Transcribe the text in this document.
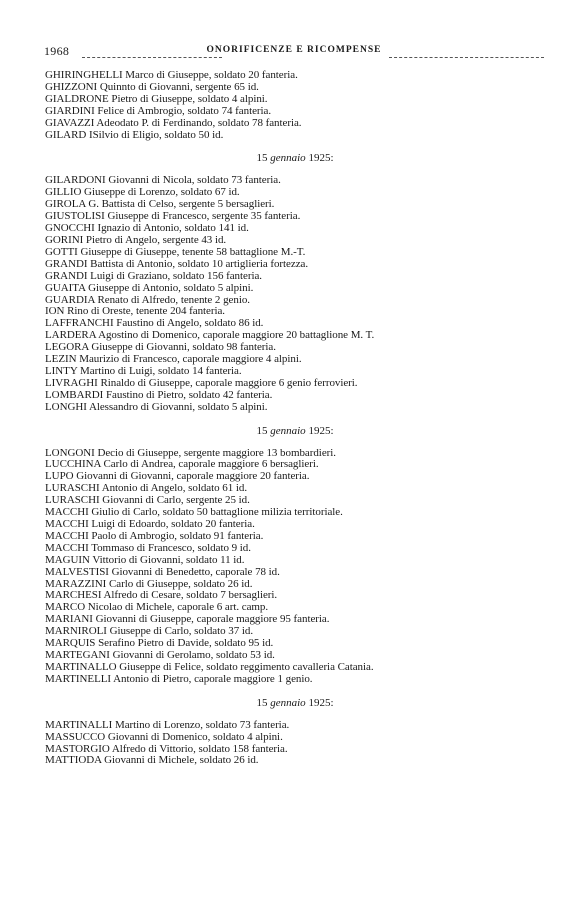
1968	ONORIFICENZE E RICOMPENSE
GHIRINGHELLI Marco di Giuseppe, soldato 20 fanteria.
GHIZZONI Quinnto di Giovanni, sergente 65 id.
GIALDRONE Pietro di Giuseppe, soldato 4 alpini.
GIARDINI Felice di Ambrogio, soldato 74 fanteria.
GIAVAZZI Adeodato P. di Ferdinando, soldato 78 fanteria.
GILARD ISilvio di Eligio, soldato 50 id.
15 gennaio 1925:
GILARDONI Giovanni di Nicola, soldato 73 fanteria.
GILLIO Giuseppe di Lorenzo, soldato 67 id.
GIROLA G. Battista di Celso, sergente 5 bersaglieri.
GIUSTOLISI Giuseppe di Francesco, sergente 35 fanteria.
GNOCCHI Ignazio di Antonio, soldato 141 id.
GORINI Pietro di Angelo, sergente 43 id.
GOTTI Giuseppe di Giuseppe, tenente 58 battaglione M.-T.
GRANDI Battista di Antonio, soldato 10 artiglieria fortezza.
GRANDI Luigi di Graziano, soldato 156 fanteria.
GUAITA Giuseppe di Antonio, soldato 5 alpini.
GUARDIA Renato di Alfredo, tenente 2 genio.
ION Rino di Oreste, tenente 204 fanteria.
LAFFRANCHI Faustino di Angelo, soldato 86 id.
LARDERA Agostino di Domenico, caporale maggiore 20 battaglione M. T.
LEGORA Giuseppe di Giovanni, soldato 98 fanteria.
LEZIN Maurizio di Francesco, caporale maggiore 4 alpini.
LINTY Martino di Luigi, soldato 14 fanteria.
LIVRAGHI Rinaldo di Giuseppe, caporale maggiore 6 genio ferrovieri.
LOMBARDI Faustino di Pietro, soldato 42 fanteria.
LONGHI Alessandro di Giovanni, soldato 5 alpini.
15 gennaio 1925:
LONGONI Decio di Giuseppe, sergente maggiore 13 bombardieri.
LUCCHINA Carlo di Andrea, caporale maggiore 6 bersaglieri.
LUPO Giovanni di Giovanni, caporale maggiore 20 fanteria.
LURASCHI Antonio di Angelo, soldato 61 id.
LURASCHI Giovanni di Carlo, sergente 25 id.
MACCHI Giulio di Carlo, soldato 50 battaglione milizia territoriale.
MACCHI Luigi di Edoardo, soldato 20 fanteria.
MACCHI Paolo di Ambrogio, soldato 91 fanteria.
MACCHI Tommaso di Francesco, soldato 9 id.
MAGUIN Vittorio di Giovanni, soldato 11 id.
MALVESTISI Giovanni di Benedetto, caporale 78 id.
MARAZZINI Carlo di Giuseppe, soldato 26 id.
MARCHESI Alfredo di Cesare, soldato 7 bersaglieri.
MARCO Nicolao di Michele, caporale 6 art. camp.
MARIANI Giovanni di Giuseppe, caporale maggiore 95 fanteria.
MARNIROLI Giuseppe di Carlo, soldato 37 id.
MARQUIS Serafino Pietro di Davide, soldato 95 id.
MARTEGANI Giovanni di Gerolamo, soldato 53 id.
MARTINALLO Giuseppe di Felice, soldato reggimento cavalleria Catania.
MARTINELLI Antonio di Pietro, caporale maggiore 1 genio.
15 gennaio 1925:
MARTINALLI Martino di Lorenzo, soldato 73 fanteria.
MASSUCCO Giovanni di Domenico, soldato 4 alpini.
MASTORGIO Alfredo di Vittorio, soldato 158 fanteria.
MATTIODA Giovanni di Michele, soldato 26 id.
